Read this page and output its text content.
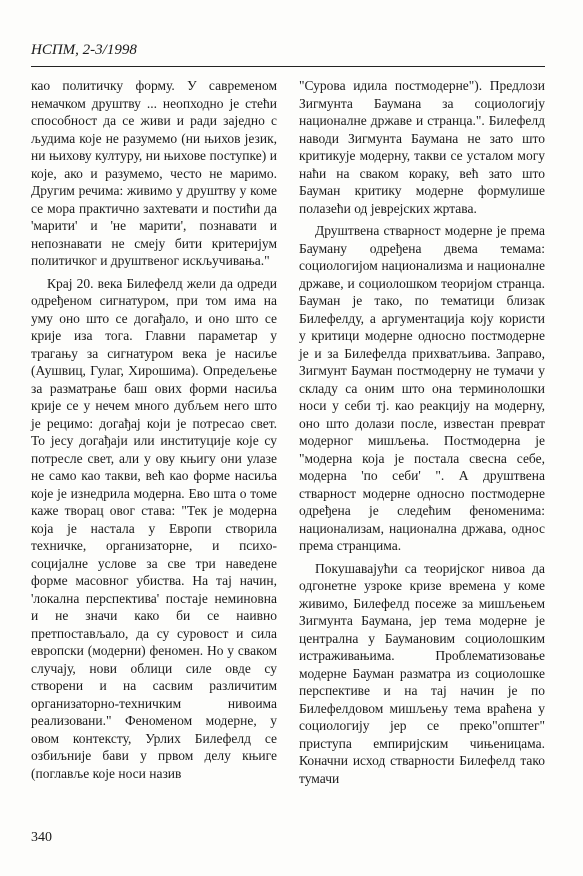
НСПМ, 2-3/1998

као политичку форму. У савременом немачком друштву ... неопходно је стећи способност да се живи и ради заједно с људима које не разумемо (ни њихов језик, ни њихову културу, ни њихове поступке) и које, ако и разумемо, често не маримо. Другим речима: живимо у друштву у коме се мора практично захтевати и постићи да 'марити' и 'не марити', познавати и непознавати не смеју бити критеријум политичког и друштвеног искључивања."

Крај 20. века Билефелд жели да одреди одређеном сигнатуром, при том има на уму оно што се догађало, и оно што се крије иза тога. Главни параметар у трагању за сигнатуром века је насиље (Аушвиц, Гулаг, Хирошима). Опредељење за разматрање баш ових форми насиља крије се у нечем много дубљем него што је рецимо: догађај који је потресао свет. То јесу догађаји или институције које су потресле свет, али у ову књигу они улазе не само као такви, већ као форме насиља које је изнедрила модерна. Ево шта о томе каже творац овог става: "Тек је модерна која је настала у Европи створила техничке, организаторне, и психо-социјалне услове за све три наведене форме масовног убиства. На тај начин, 'локална перспектива' постаје неминовна и не значи како би се наивно претпостављало, да су суровост и сила европски (модерни) феномен. Но у сваком случају, нови облици силе овде су створени и на сасвим различитим организаторно-техничким нивоима реализовани." Феноменом модерне, у овом контексту, Урлих Билефелд се озбиљније бави у првом делу књиге (поглавље које носи назив

"Сурова идила постмодерне"). Предлози Зигмунта Баумана за социологију националне државе и странца.". Билефелд наводи Зигмунта Баумана не зато што критикује модерну, такви се усталом могу наћи на сваком кораку, већ зато што Бауман критику модерне формулише полазећи од јеврејских жртава.

Друштвена стварност модерне је према Бауману одређена двема темама: социологијом национализма и националне државе, и социолошком теоријом странца. Бауман је тако, по тематици близак Билефелду, а аргументација коју користи у критици модерне односно постмодерне је и за Билефелда прихватљива. Заправо, Зигмунт Бауман постмодерну не тумачи у складу са оним што она терминолошки носи у себи тј. као реакцију на модерну, оно што долази после, известан преврат модерног мишљења. Постмодерна је "модерна која је постала свесна себе, модерна 'по себи' ". А друштвена стварност модерне односно постмодерне одређена је следећим феноменима: национализам, национална држава, однос према странцима.

Покушавајући са теоријског нивоа да одгонетне узроке кризе времена у коме живимо, Билефелд посеже за мишљењем Зигмунта Баумана, јер тема модерне је централна у Баумановим социолошким истраживањима. Проблематизовање модерне Бауман разматра из социолошке перспективе и на тај начин је по Билефелдовом мишљењу тема враћена у социологију јер се преко"општег" приступа емпиријским чињеницама. Коначни исход стварности Билефелд тако тумачи

340
